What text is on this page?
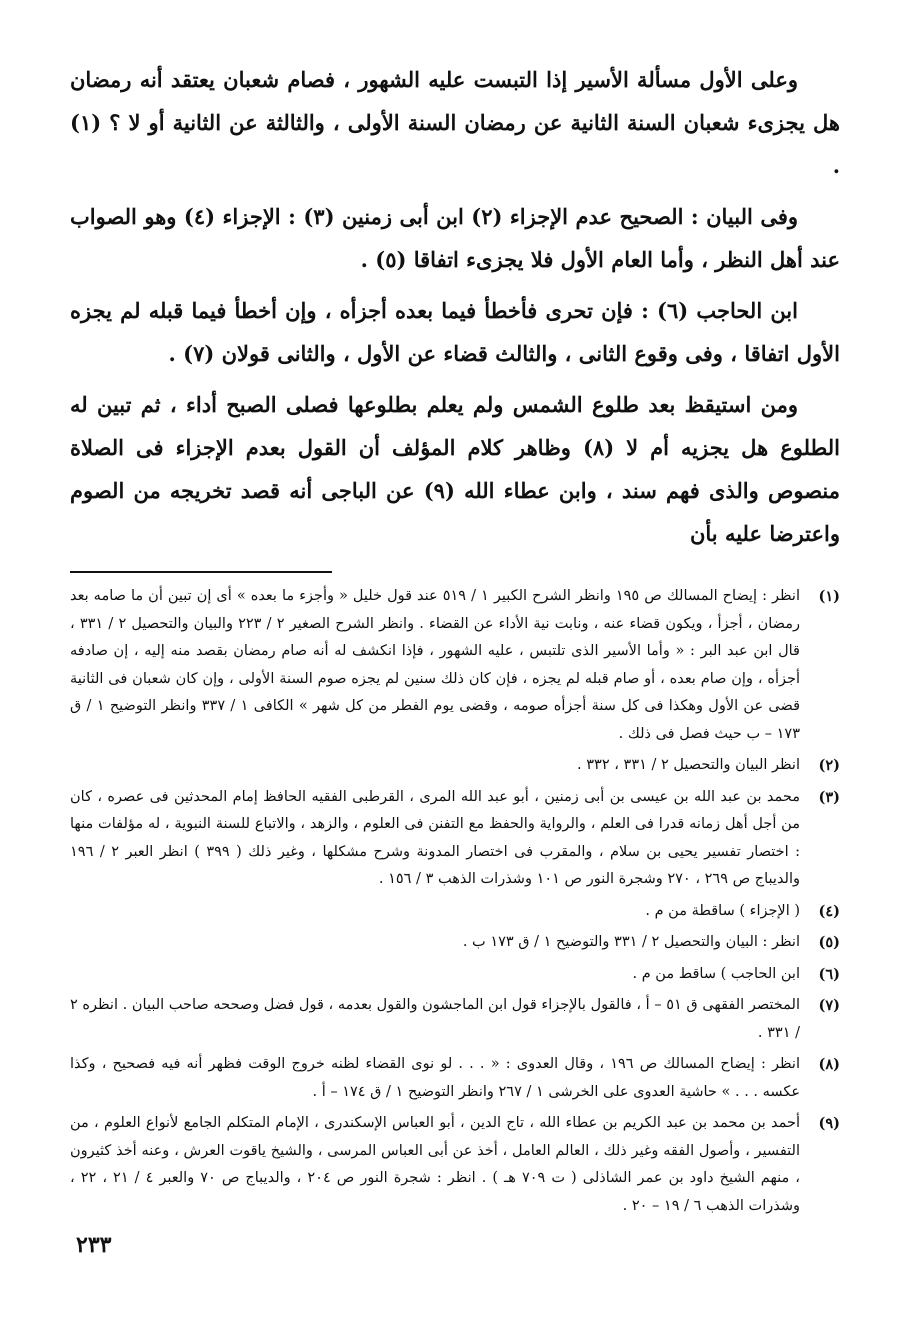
وعلى الأول مسألة الأسير إذا التبست عليه الشهور ، فصام شعبان يعتقد أنه رمضان هل يجزىء شعبان السنة الثانية عن رمضان السنة الأولى ، والثالثة عن الثانية أو لا ؟ (١) .

وفى البيان : الصحيح عدم الإجزاء (٢) ابن أبى زمنين (٣) : الإجزاء (٤) وهو الصواب عند أهل النظر ، وأما العام الأول فلا يجزىء اتفاقا (٥) .

ابن الحاجب (٦) : فإن تحرى فأخطأ فيما بعده أجزأه ، وإن أخطأ فيما قبله لم يجزه الأول اتفاقا ، وفى وقوع الثانى ، والثالث قضاء عن الأول ، والثانى قولان (٧) .

ومن استيقظ بعد طلوع الشمس ولم يعلم بطلوعها فصلى الصبح أداء ، ثم تبين له الطلوع هل يجزيه أم لا (٨) وظاهر كلام المؤلف أن القول بعدم الإجزاء فى الصلاة منصوص والذى فهم سند ، وابن عطاء الله (٩) عن الباجى أنه قصد تخريجه من الصوم واعترضا عليه بأن

(١)
انظر : إيضاح المسالك ص ١٩٥ وانظر الشرح الكبير ١ / ٥١٩ عند قول خليل « وأجزء ما بعده » أى إن تبين أن ما صامه بعد رمضان ، أجزأ ، ويكون قضاء عنه ، ونابت نية الأداء عن القضاء . وانظر الشرح الصغير ٢ / ٢٢٣ والبيان والتحصيل ٢ / ٣٣١ ، قال ابن عبد البر : « وأما الأسير الذى تلتبس ، عليه الشهور ، فإذا انكشف له أنه صام رمضان بقصد منه إليه ، إن صادفه أجزأه ، وإن صام بعده ، أو صام قبله لم يجزه ، فإن كان ذلك سنين لم يجزه صوم السنة الأولى ، وإن كان شعبان فى الثانية قضى عن الأول وهكذا فى كل سنة أجزأه صومه ، وقضى يوم الفطر من كل شهر » الكافى ١ / ٣٣٧ وانظر التوضيح ١ / ق ١٧٣ – ب حيث فصل فى ذلك .
(٢)
انظر البيان والتحصيل ٢ / ٣٣١ ، ٣٣٢ .
(٣)
محمد بن عبد الله بن عيسى بن أبى زمنين ، أبو عبد الله المرى ، القرطبى الفقيه الحافظ إمام المحدثين فى عصره ، كان من أجل أهل زمانه قدرا فى العلم ، والرواية والحفظ مع التفنن فى العلوم ، والزهد ، والاتباع للسنة النبوية ، له مؤلفات منها : اختصار تفسير يحيى بن سلام ، والمقرب فى اختصار المدونة وشرح مشكلها ، وغير ذلك ( ٣٩٩ ) انظر العبر ٢ / ١٩٦ والديباج ص ٢٦٩ ، ٢٧٠ وشجرة النور ص ١٠١ وشذرات الذهب ٣ / ١٥٦ .
(٤)
( الإجزاء ) ساقطة من م .
(٥)
انظر : البيان والتحصيل ٢ / ٣٣١ والتوضيح ١ / ق ١٧٣ ب .
(٦)
ابن الحاجب ) ساقط من م .
(٧)
المختصر الفقهى ق ٥١ – أ ، فالقول بالإجزاء قول ابن الماجشون والقول بعدمه ، قول فضل وصححه صاحب البيان . انظره ٢ / ٣٣١ .
(٨)
انظر : إيضاح المسالك ص ١٩٦ ، وقال العدوى : « . . . لو نوى القضاء لظنه خروج الوقت فظهر أنه فيه فصحيح ، وكذا عكسه . . . » حاشية العدوى على الخرشى ١ / ٢٦٧ وانظر التوضيح ١ / ق ١٧٤ – أ .
(٩)
أحمد بن محمد بن عبد الكريم بن عطاء الله ، تاج الدين ، أبو العباس الإسكندرى ، الإمام المتكلم الجامع لأنواع العلوم ، من التفسير ، وأصول الفقه وغير ذلك ، العالم العامل ، أخذ عن أبى العباس المرسى ، والشيخ ياقوت العرش ، وعنه أخذ كثيرون ، منهم الشيخ داود بن عمر الشاذلى ( ت ٧٠٩ هـ ) . انظر : شجرة النور ص ٢٠٤ ، والديباج ص ٧٠ والعبر ٤ / ٢١ ، ٢٢ ، وشذرات الذهب ٦ / ١٩ – ٢٠ .
٢٣٣
